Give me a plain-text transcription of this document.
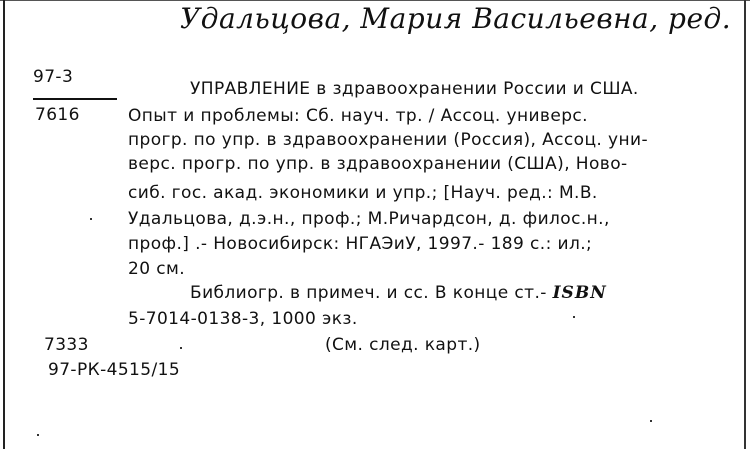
Удальцова, Мария Васильевна, ред.
97-3
7616
УПРАВЛЕНИЕ в здравоохранении России и США.
Опыт и проблемы: Сб. науч. тр. / Ассоц. универс.
прогр. по упр. в здравоохранении (Россия), Ассоц. уни-
верс. прогр. по упр. в здравоохранении (США), Ново-
сиб. гос. акад. экономики и упр.; [Науч. ред.: М.В.
Удальцова, д.э.н., проф.; М.Ричардсон, д. филос.н.,
проф.] .- Новосибирск: НГАЭиУ, 1997.- 189 с.: ил.;
20 см.
Библиогр. в примеч. и сс. В конце ст.- ISBN
5-7014-0138-3, 1000 экз.
7333	(См. след. карт.)
97-РК-4515/15
